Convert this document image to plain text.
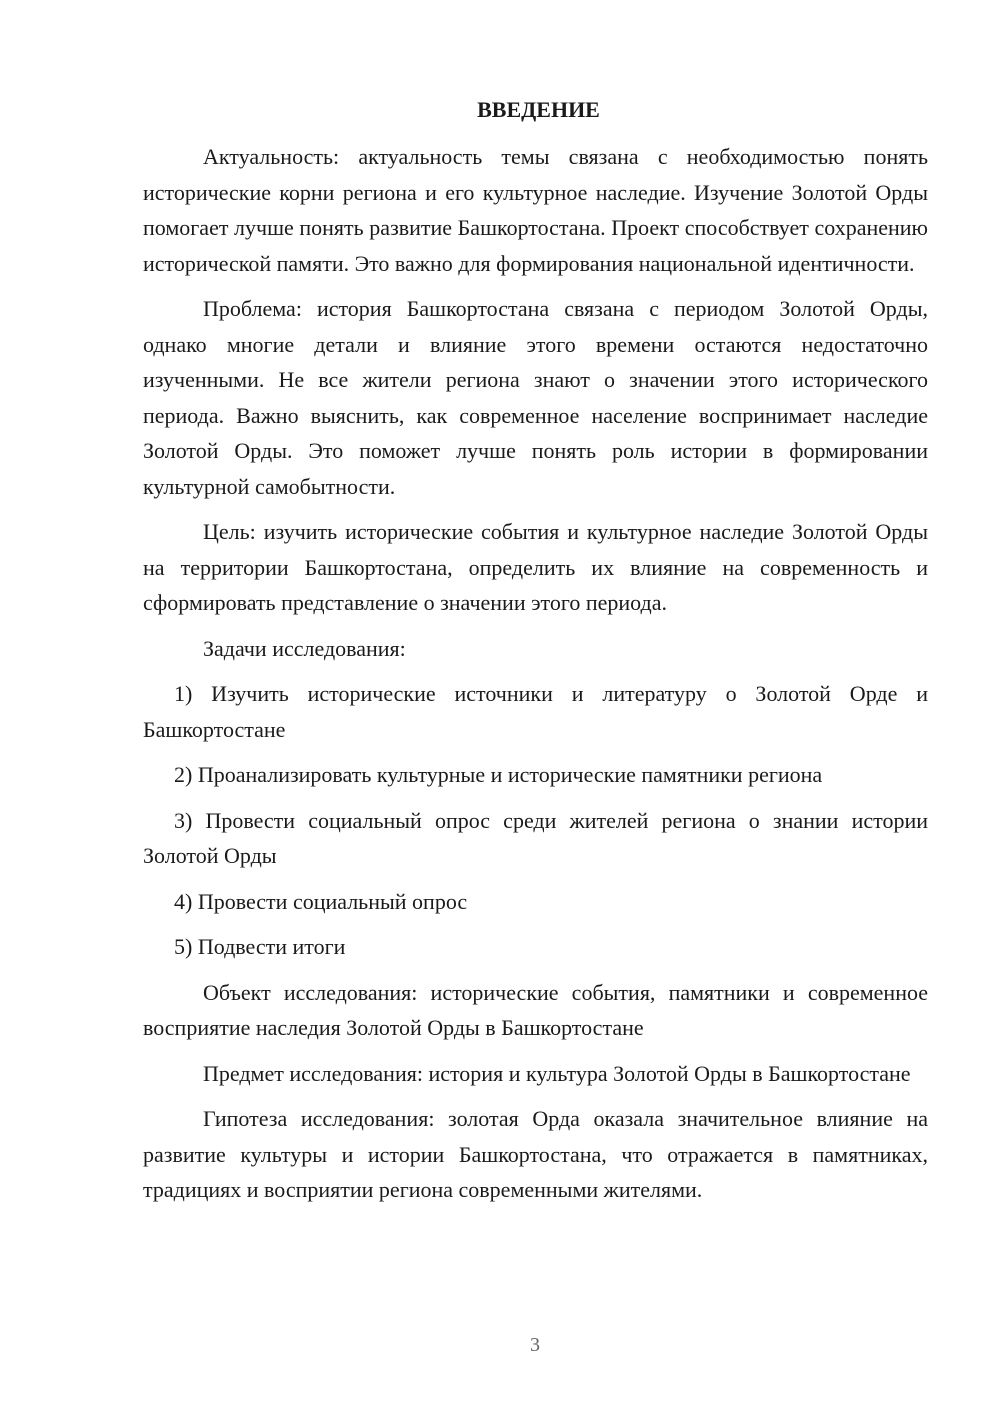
ВВЕДЕНИЕ

Актуальность: актуальность темы связана с необходимостью понять исторические корни региона и его культурное наследие. Изучение Золотой Орды помогает лучше понять развитие Башкортостана. Проект способствует сохранению исторической памяти. Это важно для формирования национальной идентичности.

Проблема: история Башкортостана связана с периодом Золотой Орды, однако многие детали и влияние этого времени остаются недостаточно изученными. Не все жители региона знают о значении этого исторического периода. Важно выяснить, как современное население воспринимает наследие Золотой Орды. Это поможет лучше понять роль истории в формировании культурной самобытности.

Цель: изучить исторические события и культурное наследие Золотой Орды на территории Башкортостана, определить их влияние на современность и сформировать представление о значении этого периода.

Задачи исследования:

1) Изучить исторические источники и литературу о Золотой Орде и Башкортостане

2) Проанализировать культурные и исторические памятники региона

3) Провести социальный опрос среди жителей региона о знании истории Золотой Орды

4) Провести социальный опрос

5) Подвести итоги

Объект исследования: исторические события, памятники и современное восприятие наследия Золотой Орды в Башкортостане

Предмет исследования: история и культура Золотой Орды в Башкортостане

Гипотеза исследования: золотая Орда оказала значительное влияние на развитие культуры и истории Башкортостана, что отражается в памятниках, традициях и восприятии региона современными жителями.

3
